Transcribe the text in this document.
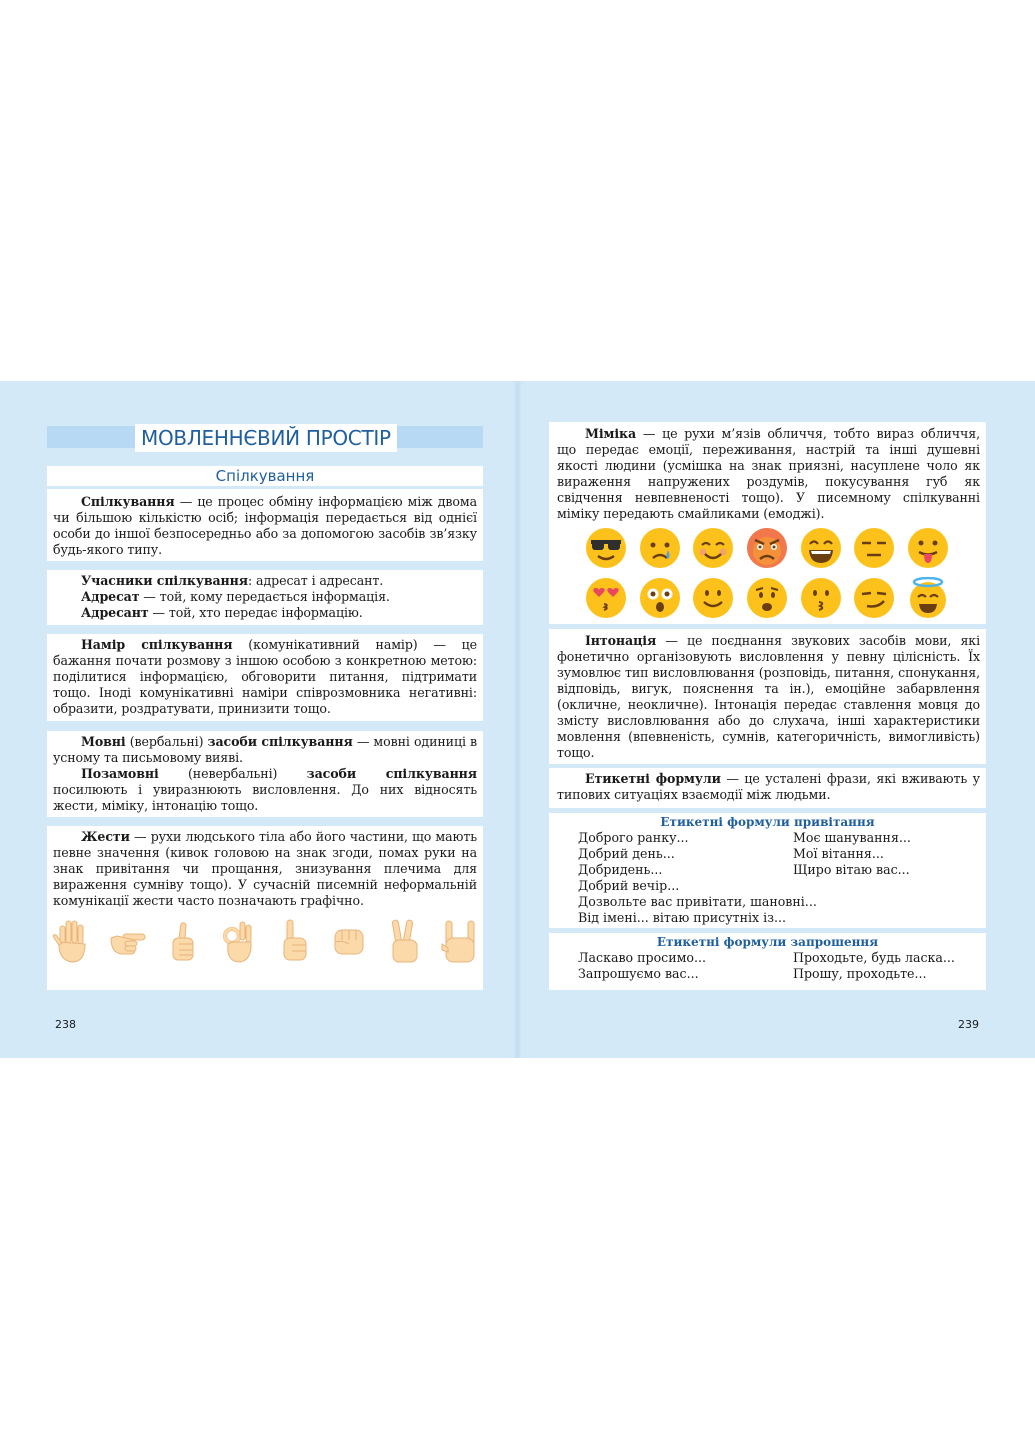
МОВЛЕННЄВИЙ ПРОСТІР
Спілкування

Спілкування — це процес обміну інформацією між двома чи більшою кількістю осіб; інформація передається від однієї особи до іншої безпосередньо або за допомогою засобів зв’язку будь-якого типу.

Учасники спілкування: адресат і адресант.

Адресат — той, кому передається інформація.

Адресант — той, хто передає інформацію.

Намір спілкування (комунікативний намір) — це бажання почати розмову з іншою особою з конкретною метою: поділитися інформацією, обговорити питання, підтримати тощо. Іноді комунікативні наміри співрозмовника негативні: образити, роздратувати, принизити тощо.

Мовні (вербальні) засоби спілкування — мовні одиниці в усному та письмовому вияві.

Позамовні (невербальні) засоби спілкування посилюють і увиразнюють висловлення. До них відносять жести, міміку, інтонацію тощо.

Жести — рухи людського тіла або його частини, що мають певне значення (кивок головою на знак згоди, помах руки на знак привітання чи прощання, знизування плечима для вираження сумніву тощо). У сучасній писемній неформальній комунікації жести часто позначають графічно.

238

Міміка — це рухи м’язів обличчя, тобто вираз обличчя, що передає емоції, переживання, настрій та інші душевні якості людини (усмішка на знак приязні, насуплене чоло як вираження напружених роздумів, покусування губ як свідчення невпевненості тощо). У писемному спілкуванні міміку передають смайликами (емоджі).

Інтонація — це поєднання звукових засобів мови, які фонетично організовують висловлення у певну цілісність. Їх зумовлює тип висловлювання (розповідь, питання, спонукання, відповідь, вигук, пояснення та ін.), емоційне забарвлення (окличне, неокличне). Інтонація передає ставлення мовця до змісту висловлювання або до слухача, інші характеристики мовлення (впевненість, сумнів, категоричність, вимогливість) тощо.

Етикетні формули — це усталені фрази, які вживають у типових ситуаціях взаємодії між людьми.

Етикетні формули привітання
Доброго ранку...	Моє шанування...
Добрий день...	Мої вітання...
Добридень...	Щиро вітаю вас...
Добрий вечір...
Дозвольте вас привітати, шановні...
Від імені... вітаю присутніх із...
Етикетні формули запрошення
Ласкаво просимо...	Проходьте, будь ласка...
Запрошуємо вас...	Прошу, проходьте...
239
